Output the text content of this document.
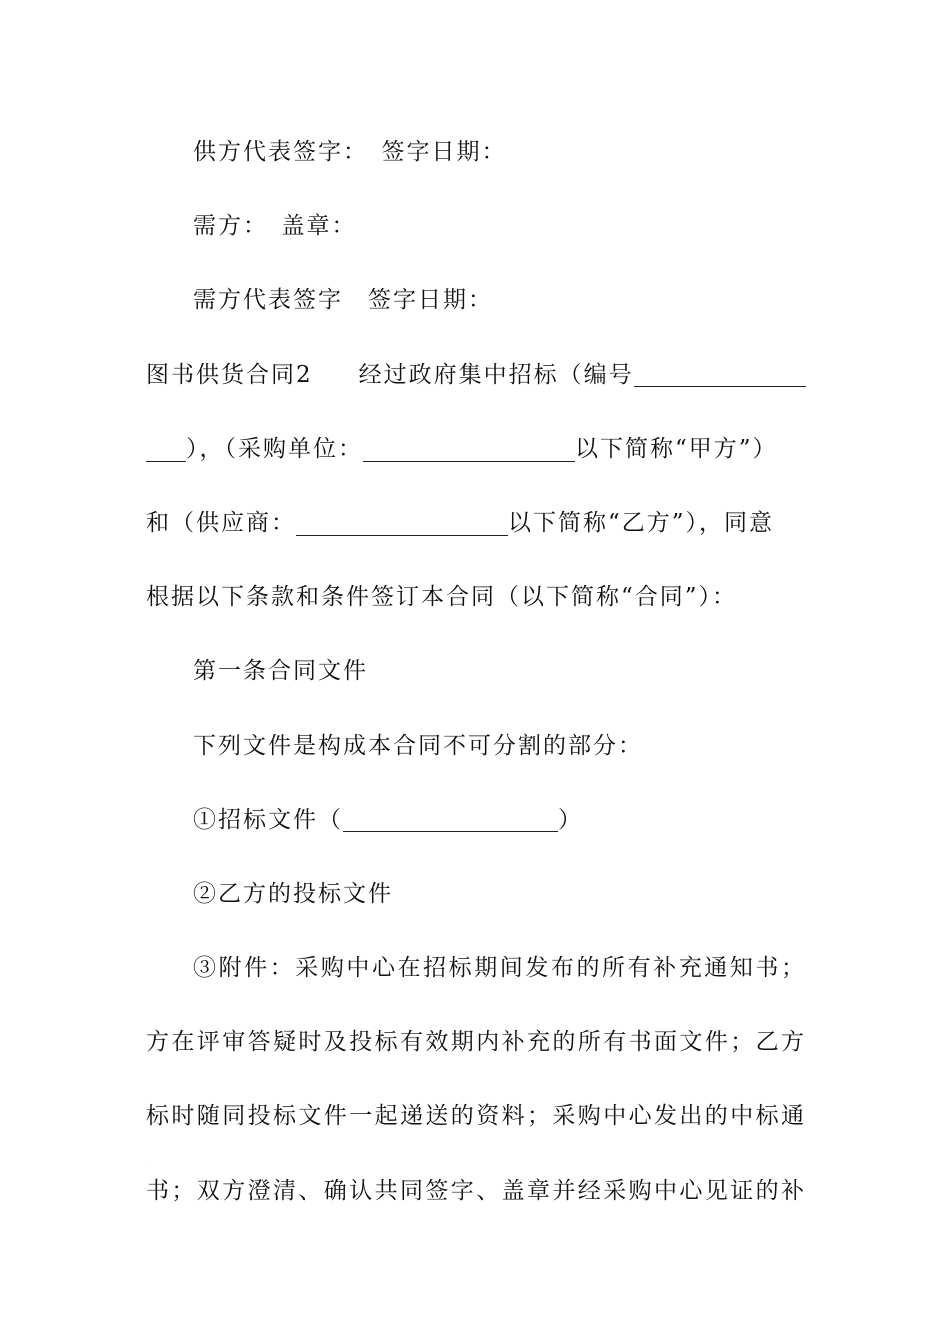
供方代表签字：　签字日期：
需方：　盖章：
需方代表签字　签字日期：
图书供货合同2 经过政府集中招标（编号
），（采购单位：	以下简称“甲方”）
和（供应商：	以下简称“乙方”），同意
根据以下条款和条件签订本合同（以下简称“合同”）：
第一条合同文件
下列文件是构成本合同不可分割的部分：
①招标文件（	）
②乙方的投标文件
③附件：采购中心在招标期间发布的所有补充通知书；
方在评审答疑时及投标有效期内补充的所有书面文件；乙方
标时随同投标文件一起递送的资料；采购中心发出的中标通
书；双方澄清、确认共同签字、盖章并经采购中心见证的补
